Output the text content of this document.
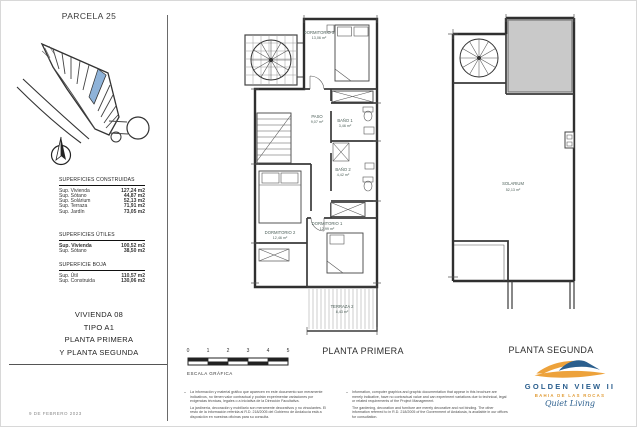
PARCELA 25
SUPERFICIES CONSTRUIDAS
Sup. Vivienda	127,24 m2
Sup. Sótano	44,87 m2
Sup. Solárium	52,13 m2
Sup. Terraza	71,91 m2
Sup. Jardín	73,05 m2
SUPERFICIES ÚTILES
Sup. Vivienda	100,52 m2
Sup. Sótano	38,50 m2
SUPERFICIE BOJA
Sup. Útil	110,57 m2
Sup. Construida	130,06 m2
VIVIENDA 08
TIPO A1
PLANTA PRIMERA
Y PLANTA SEGUNDA
9 DE FEBRERO 2023
DORMITORIO 3
13,06 m²
PASO
9,07 m²	BAÑO 1
3,46 m²
BAÑO 2
4,42 m²
DORMITORIO 2
12,46 m²
DORMITORIO 1
12,99 m²
TERRAZA 2
8,43 m²
SOLARIUM
52,13 m²
PLANTA PRIMERA	PLANTA SEGUNDA
0	1	2	3	4	5
ESCALA GRÁFICA
–	La información y material gráfico que aparecen en este documento son meramente indicativos, no tienen valor contractual y podrán experimentar variaciones por exigencias técnicas, legales o a iniciativa de la Dirección Facultativa.

La jardinería, decoración y mobiliario son meramente decorativos y no vinculantes. El resto de la información referida al R.D. 218/2005 del Gobierno de Andalucía está a disposición en nuestras oficinas para su consulta.

–	Information, computer graphics and graphic documentation that appear in this brochure are merely indicative, have no contractual value and can experiment variations due to technical, legal or related requirements of the Project Management.

The gardening, decoration and furniture are merely decorative and not binding. The other information referred to in R.D. 218/2005 of the Government of Andalusia, is available in our offices for consultation.

GOLDEN VIEW II
BAHIA DE LAS ROCAS
Quiet Living
